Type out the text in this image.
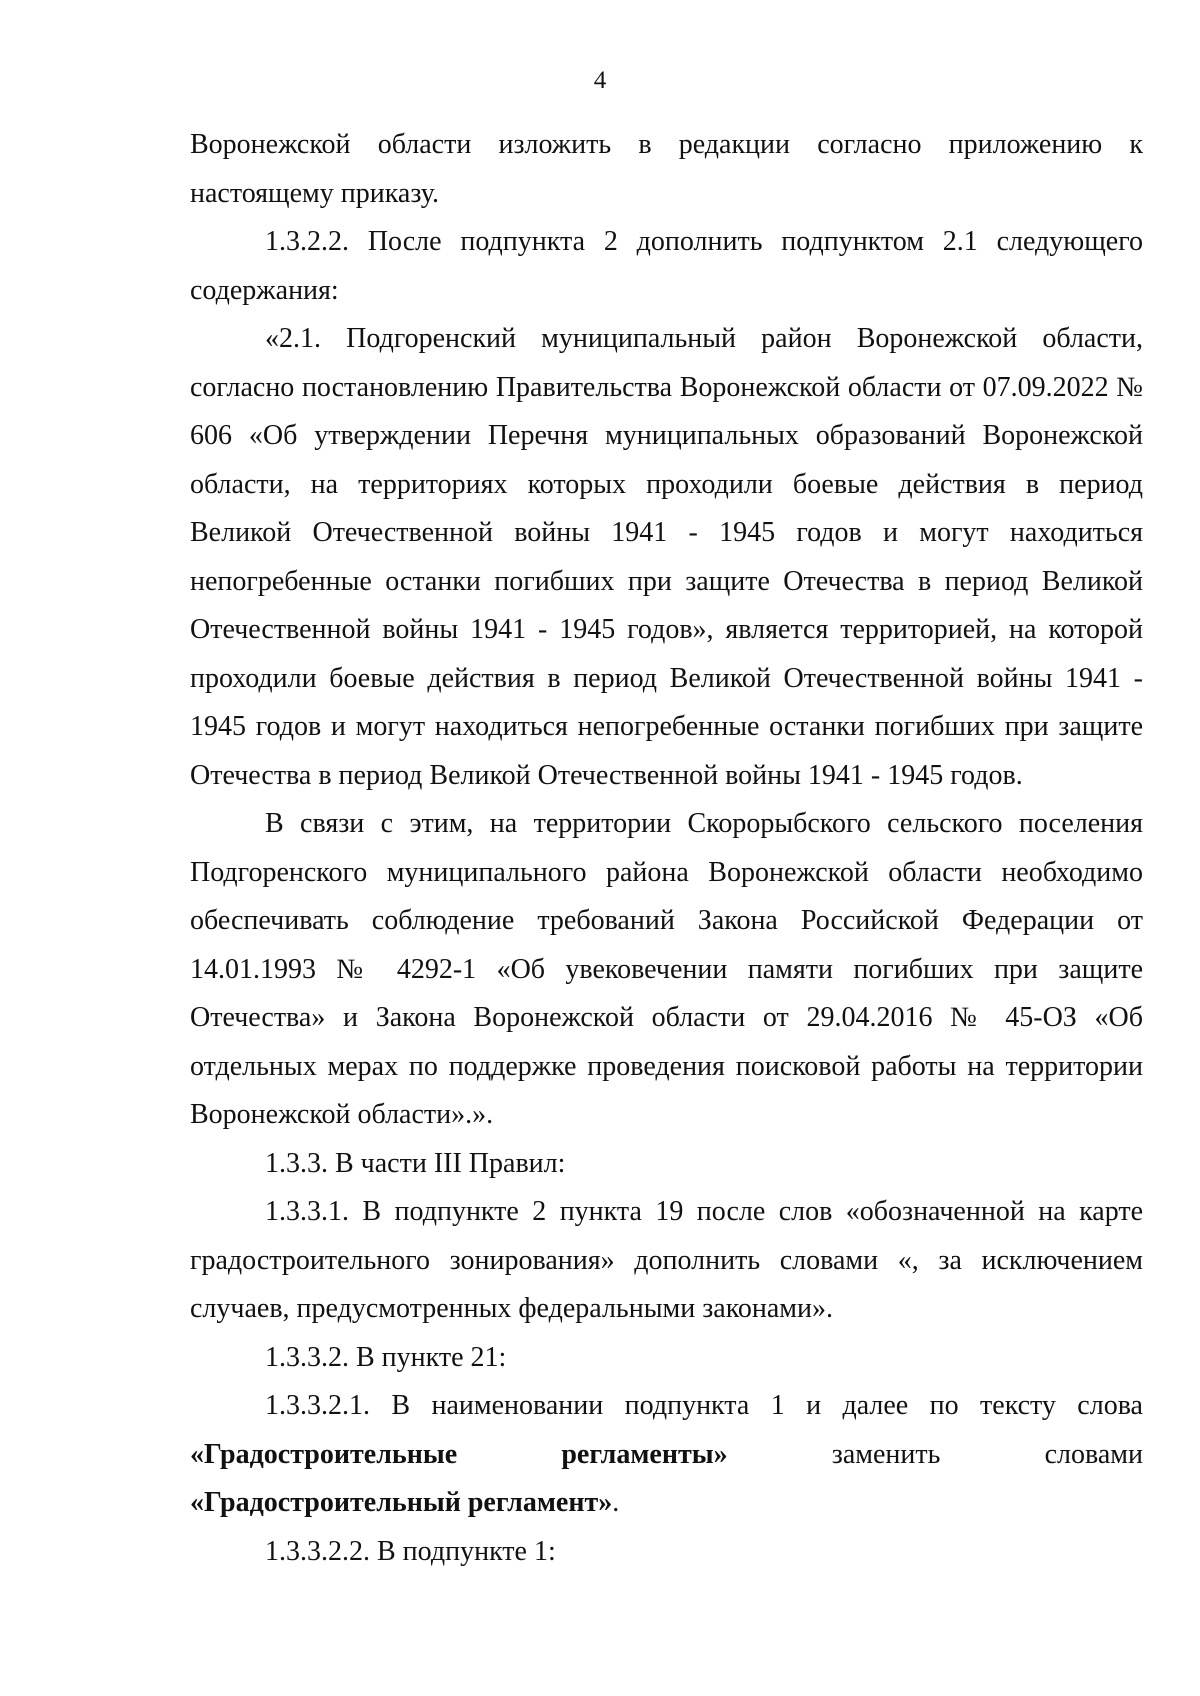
4

Воронежской области изложить в редакции согласно приложению к настоящему приказу.

1.3.2.2. После подпункта 2 дополнить подпунктом 2.1 следующего содержания:

«2.1. Подгоренский муниципальный район Воронежской области, согласно постановлению Правительства Воронежской области от 07.09.2022 № 606 «Об утверждении Перечня муниципальных образований Воронежской области, на территориях которых проходили боевые действия в период Великой Отечественной войны 1941 - 1945 годов и могут находиться непогребенные останки погибших при защите Отечества в период Великой Отечественной войны 1941 - 1945 годов», является территорией, на которой проходили боевые действия в период Великой Отечественной войны 1941 - 1945 годов и могут находиться непогребенные останки погибших при защите Отечества в период Великой Отечественной войны 1941 - 1945 годов.

В связи с этим, на территории Скорорыбского сельского поселения Подгоренского муниципального района Воронежской области необходимо обеспечивать соблюдение требований Закона Российской Федерации от 14.01.1993 № 4292-1 «Об увековечении памяти погибших при защите Отечества» и Закона Воронежской области от 29.04.2016 № 45-ОЗ «Об отдельных мерах по поддержке проведения поисковой работы на территории Воронежской области».».

1.3.3. В части III Правил:

1.3.3.1. В подпункте 2 пункта 19 после слов «обозначенной на карте градостроительного зонирования» дополнить словами «, за исключением случаев, предусмотренных федеральными законами».

1.3.3.2. В пункте 21:

1.3.3.2.1. В наименовании подпункта 1 и далее по тексту слова

«Градостроительные регламенты» заменить словами
«Градостроительный регламент».

1.3.3.2.2. В подпункте 1:
